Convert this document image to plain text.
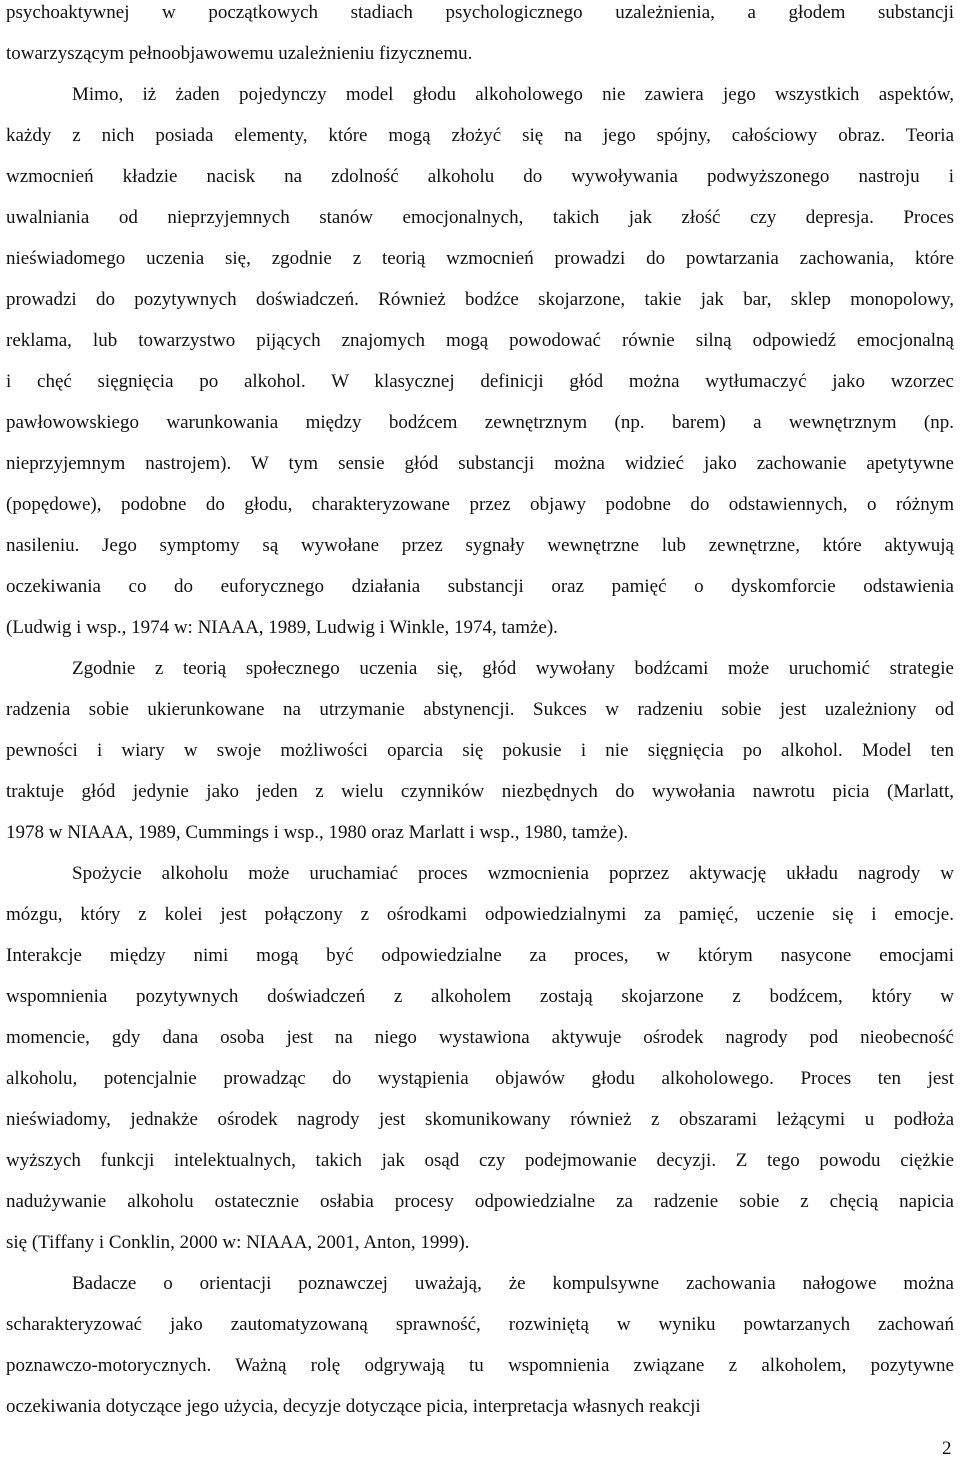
psychoaktywnej w początkowych stadiach psychologicznego uzależnienia, a głodem substancji
towarzyszącym pełnoobjawowemu uzależnieniu fizycznemu.
Mimo, iż żaden pojedynczy model głodu alkoholowego nie zawiera jego wszystkich aspektów,
każdy z nich posiada elementy, które mogą złożyć się na jego spójny, całościowy obraz. Teoria
wzmocnień kładzie nacisk na zdolność alkoholu do wywoływania podwyższonego nastroju i
uwalniania od nieprzyjemnych stanów emocjonalnych, takich jak złość czy depresja. Proces
nieświadomego uczenia się, zgodnie z teorią wzmocnień prowadzi do powtarzania zachowania, które
prowadzi do pozytywnych doświadczeń. Również bodźce skojarzone, takie jak bar, sklep monopolowy,
reklama, lub towarzystwo pijących znajomych mogą powodować równie silną odpowiedź emocjonalną
i chęć sięgnięcia po alkohol. W klasycznej definicji głód można wytłumaczyć jako wzorzec
pawłowowskiego warunkowania między bodźcem zewnętrznym (np. barem) a wewnętrznym (np.
nieprzyjemnym nastrojem). W tym sensie głód substancji można widzieć jako zachowanie apetytywne
(popędowe), podobne do głodu, charakteryzowane przez objawy podobne do odstawiennych, o różnym
nasileniu. Jego symptomy są wywołane przez sygnały wewnętrzne lub zewnętrzne, które aktywują
oczekiwania co do euforycznego działania substancji oraz pamięć o dyskomforcie odstawienia
(Ludwig i wsp., 1974 w: NIAAA, 1989, Ludwig i Winkle, 1974, tamże).
Zgodnie z teorią społecznego uczenia się, głód wywołany bodźcami może uruchomić strategie
radzenia sobie ukierunkowane na utrzymanie abstynencji. Sukces w radzeniu sobie jest uzależniony od
pewności i wiary w swoje możliwości oparcia się pokusie i nie sięgnięcia po alkohol. Model ten
traktuje głód jedynie jako jeden z wielu czynników niezbędnych do wywołania nawrotu picia (Marlatt,
1978 w NIAAA, 1989, Cummings i wsp., 1980 oraz Marlatt i wsp., 1980, tamże).
Spożycie alkoholu może uruchamiać proces wzmocnienia poprzez aktywację układu nagrody w
mózgu, który z kolei jest połączony z ośrodkami odpowiedzialnymi za pamięć, uczenie się i emocje.
Interakcje między nimi mogą być odpowiedzialne za proces, w którym nasycone emocjami
wspomnienia pozytywnych doświadczeń z alkoholem zostają skojarzone z bodźcem, który w
momencie, gdy dana osoba jest na niego wystawiona aktywuje ośrodek nagrody pod nieobecność
alkoholu, potencjalnie prowadząc do wystąpienia objawów głodu alkoholowego. Proces ten jest
nieświadomy, jednakże ośrodek nagrody jest skomunikowany również z obszarami leżącymi u podłoża
wyższych funkcji intelektualnych, takich jak osąd czy podejmowanie decyzji. Z tego powodu ciężkie
nadużywanie alkoholu ostatecznie osłabia procesy odpowiedzialne za radzenie sobie z chęcią napicia
się (Tiffany i Conklin, 2000 w: NIAAA, 2001, Anton, 1999).
Badacze o orientacji poznawczej uważają, że kompulsywne zachowania nałogowe można
scharakteryzować jako zautomatyzowaną sprawność, rozwiniętą w wyniku powtarzanych zachowań
poznawczo-motorycznych. Ważną rolę odgrywają tu wspomnienia związane z alkoholem, pozytywne
oczekiwania dotyczące jego użycia, decyzje dotyczące picia, interpretacja własnych reakcji
2
